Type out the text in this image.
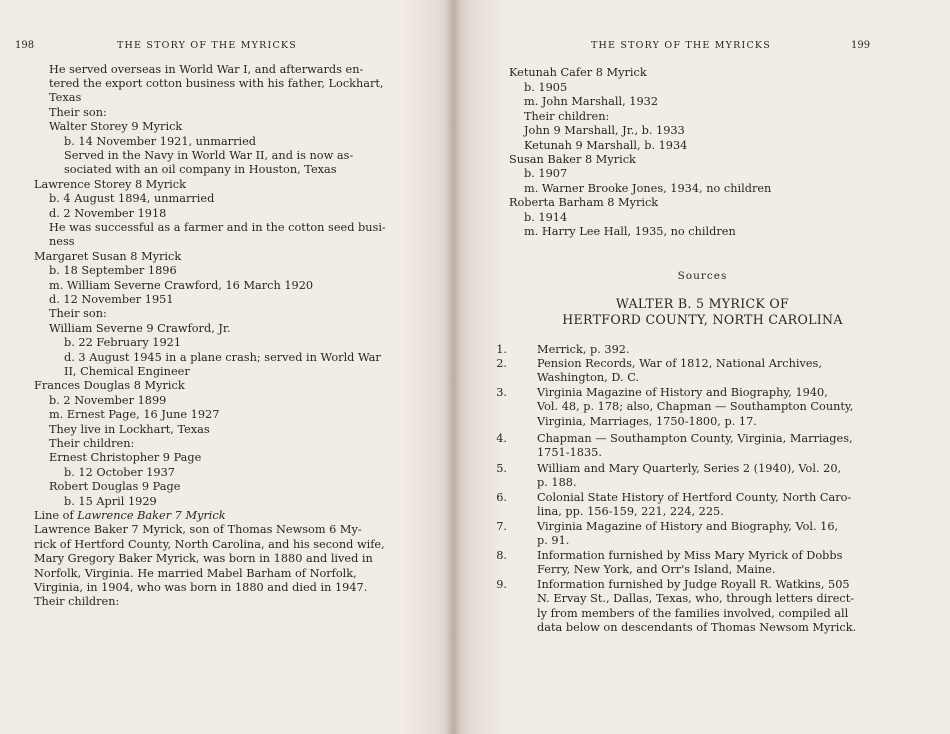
198	THE STORY OF THE MYRICKS
He served overseas in World War I, and afterwards en-
tered the export cotton business with his father, Lockhart,
Texas
Their son:
Walter Storey 9 Myrick
b. 14 November 1921, unmarried
Served in the Navy in World War II, and is now as-
sociated with an oil company in Houston, Texas
Lawrence Storey 8 Myrick
b. 4 August 1894, unmarried
d. 2 November 1918
He was successful as a farmer and in the cotton seed busi-
ness
Margaret Susan 8 Myrick
b. 18 September 1896
m. William Severne Crawford, 16 March 1920
d. 12 November 1951
Their son:
William Severne 9 Crawford, Jr.
b. 22 February 1921
d. 3 August 1945 in a plane crash; served in World War
II, Chemical Engineer
Frances Douglas 8 Myrick
b. 2 November 1899
m. Ernest Page, 16 June 1927
They live in Lockhart, Texas
Their children:
Ernest Christopher 9 Page
b. 12 October 1937
Robert Douglas 9 Page
b. 15 April 1929
Line of Lawrence Baker 7 Myrick
Lawrence Baker 7 Myrick, son of Thomas Newsom 6 My-
rick of Hertford County, North Carolina, and his second wife,
Mary Gregory Baker Myrick, was born in 1880 and lived in
Norfolk, Virginia. He married Mabel Barham of Norfolk,
Virginia, in 1904, who was born in 1880 and died in 1947.
Their children:
THE STORY OF THE MYRICKS	199
Ketunah Cafer 8 Myrick
b. 1905
m. John Marshall, 1932
Their children:
John 9 Marshall, Jr., b. 1933
Ketunah 9 Marshall, b. 1934
Susan Baker 8 Myrick
b. 1907
m. Warner Brooke Jones, 1934, no children
Roberta Barham 8 Myrick
b. 1914
m. Harry Lee Hall, 1935, no children
Sources
WALTER B. 5 MYRICK OF
HERTFORD COUNTY, NORTH CAROLINA
1.	Merrick, p. 392.
2.	Pension Records, War of 1812, National Archives,
Washington, D. C.
3.	Virginia Magazine of History and Biography, 1940,
Vol. 48, p. 178; also, Chapman — Southampton County,
Virginia, Marriages, 1750-1800, p. 17.
4.	Chapman — Southampton County, Virginia, Marriages,
1751-1835.
5.	William and Mary Quarterly, Series 2 (1940), Vol. 20,
p. 188.
6.	Colonial State History of Hertford County, North Caro-
lina, pp. 156-159, 221, 224, 225.
7.	Virginia Magazine of History and Biography, Vol. 16,
p. 91.
8.	Information furnished by Miss Mary Myrick of Dobbs
Ferry, New York, and Orr's Island, Maine.
9.	Information furnished by Judge Royall R. Watkins, 505
N. Ervay St., Dallas, Texas, who, through letters direct-
ly from members of the families involved, compiled all
data below on descendants of Thomas Newsom Myrick.
